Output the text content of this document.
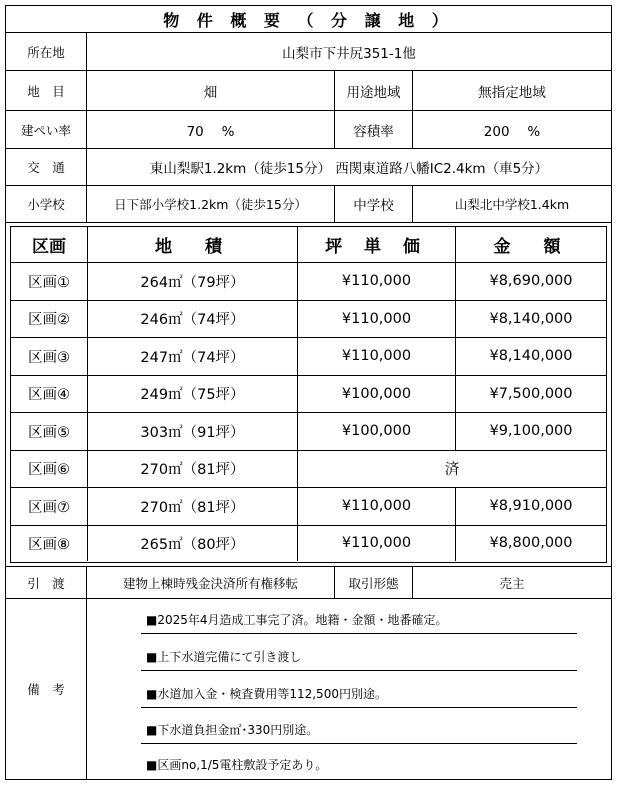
物 件 概 要 （ 分 譲 地 ）
所在地	山梨市下井尻351-1他
地　目	畑	用途地域	無指定地域
建ぺい率	70　 %	容積率	200　 %
交　通	東山梨駅1.2km（徒歩15分） 西関東道路八幡IC2.4km（車5分）
小学校	日下部小学校1.2km（徒歩15分）	中学校	山梨北中学校1.4km
区画	地　積	坪 単 価	金　額
区画①	264㎡（79坪）	¥110,000	¥8,690,000
区画②	246㎡（74坪）	¥110,000	¥8,140,000
区画③	247㎡（74坪）	¥110,000	¥8,140,000
区画④	249㎡（75坪）	¥100,000	¥7,500,000
区画⑤	303㎡（91坪）	¥100,000	¥9,100,000
区画⑥	270㎡（81坪）	済
区画⑦	270㎡（81坪）	¥110,000	¥8,910,000
区画⑧	265㎡（80坪）	¥110,000	¥8,800,000
引　渡	建物上棟時残金決済所有権移転	取引形態	売主
備　考
■2025年4月造成工事完了済。地籍・金額・地番確定。
■上下水道完備にて引き渡し
■水道加入金・検査費用等112,500円別途。
■下水道負担金㎡･330円別途。
■区画no,1/5電柱敷設予定あり。
